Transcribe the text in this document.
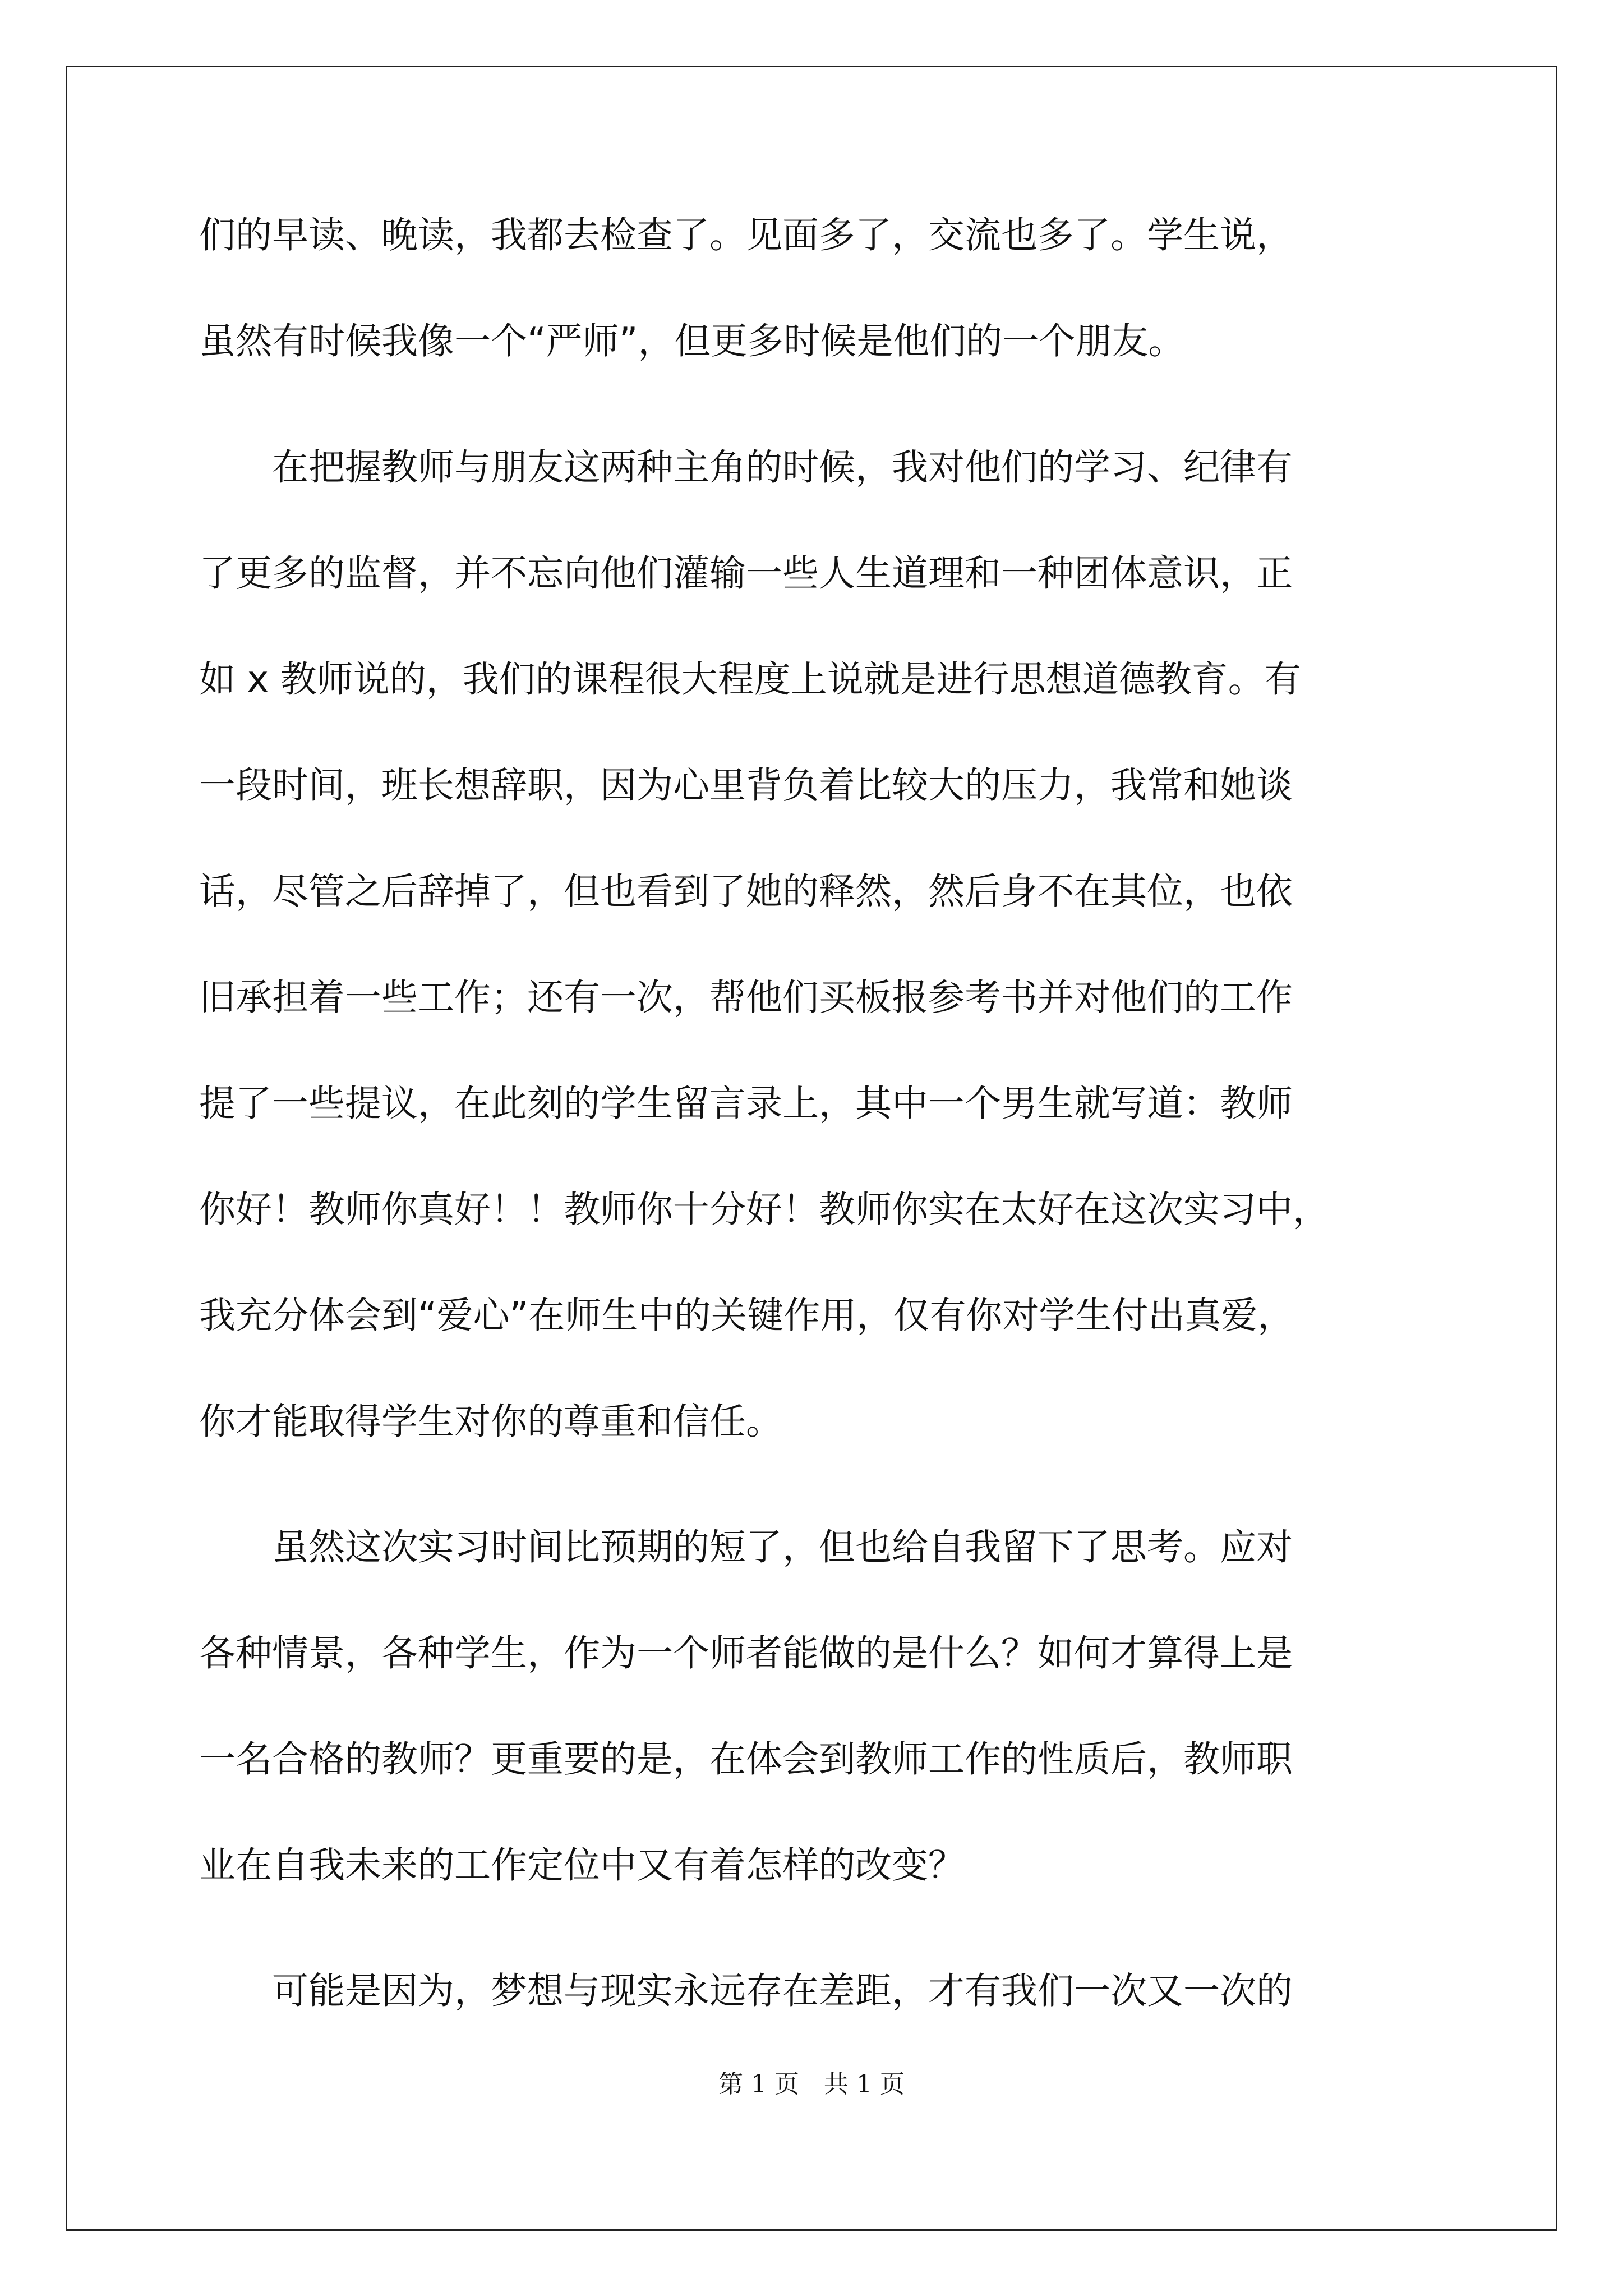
们的早读、晚读，我都去检查了。见面多了，交流也多了。学生说，

虽然有时候我像一个“严师”，但更多时候是他们的一个朋友。

　　在把握教师与朋友这两种主角的时候，我对他们的学习、纪律有

了更多的监督，并不忘向他们灌输一些人生道理和一种团体意识，正

如 x 教师说的，我们的课程很大程度上说就是进行思想道德教育。有

一段时间，班长想辞职，因为心里背负着比较大的压力，我常和她谈

话，尽管之后辞掉了，但也看到了她的释然，然后身不在其位，也依

旧承担着一些工作；还有一次，帮他们买板报参考书并对他们的工作

提了一些提议，在此刻的学生留言录上，其中一个男生就写道：教师

你好！教师你真好！！教师你十分好！教师你实在太好在这次实习中，

我充分体会到“爱心”在师生中的关键作用，仅有你对学生付出真爱，

你才能取得学生对你的尊重和信任。

　　虽然这次实习时间比预期的短了，但也给自我留下了思考。应对

各种情景，各种学生，作为一个师者能做的是什么？如何才算得上是

一名合格的教师？更重要的是，在体会到教师工作的性质后，教师职

业在自我未来的工作定位中又有着怎样的改变？

　　可能是因为，梦想与现实永远存在差距，才有我们一次又一次的

第 1 页　共 1 页
